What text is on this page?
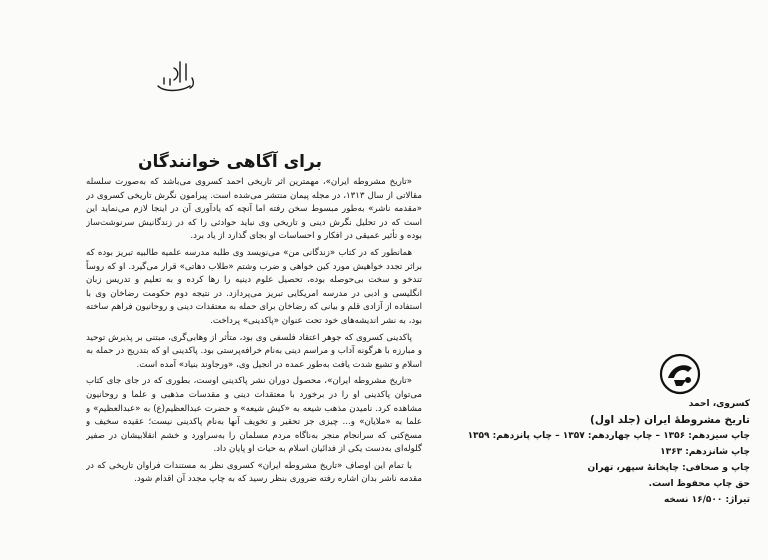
برای آگاهی خوانندگان

«تاریخ مشروطه ایران»، مهمترین اثر تاریخی احمد کسروی می‌باشد که به‌صورت سلسله مقالاتی از سال ۱۳۱۳، در مجله پیمان منتشر می‌شده است. پیرامون نگرش تاریخی کسروی در «مقدمه ناشر» به‌طور مبسوط سخن رفته اما آنچه که یادآوری آن در اینجا لازم می‌نماید این است که در تحلیل نگرش دینی و تاریخی وی نباید حوادثی را که در زندگانیش سرنوشت‌ساز بوده و تأثیر عمیقی در افکار و احساسات او بجای گذارد از یاد برد.

همانطور که در کتاب «زندگانی من» می‌نویسد وی طلبه مدرسه علمیه طالبیه تبریز بوده که براثر تجدد خواهیش مورد کین خواهی و ضرب وشتم «طلاب دهاتی» قرار می‌گیرد. او که روساً تندخو و سخت بی‌حوصله بوده، تحصیل علوم دینیه را رها کرده و به تعلیم و تدریس زبان انگلیسی و ادبی در مدرسه امریکایی تبریز می‌پردازد. در نتیجه دوم حکومت رضاخان وی با استفاده از آزادی قلم و بیانی که رضاخان برای حمله به معتقدات دینی و روحانیون فراهم ساخته بود، به نشر اندیشه‌های خود تحت عنوان «پاکدینی» پرداخت.

پاکدینی کسروی که جوهر اعتقاد فلسفی وی بود، متأثر از وهابی‌گری، مبتنی بر پذیرش توحید و مبارزه با هرگونه آداب و مراسم دینی به‌نام خرافه‌پرستی بود. پاکدینی او که بتدریج در حمله به اسلام و تشیع شدت یافت به‌طور عمده در انجیل وی، «ورجاوند بنیاد» آمده است.

«تاریخ مشروطه ایران»، محصول دوران نشر پاکدینی اوست، بطوری که در جای جای کتاب می‌توان پاکدینی او را در برخورد با معتقدات دینی و مقدسات مذهبی و علما و روحانیون مشاهده کرد. نامیدن مذهب شیعه به «کیش شیعه» و حضرت عبدالعظیم(ع) به «عبدالعظیم» و علما به «ملایان» و... چیزی جز تحقیر و تخویف آنها به‌نام پاکدینی نیست؛ عقیده سخیف و مسخ‌کنی که سرانجام منجر به‌ناگاه مردم مسلمان را به‌سراورد و خشم انقلابیشان در صفیر گلوله‌ای به‌دست یکی از فدائیان اسلام به حیات او پایان داد.

با تمام این اوصاف «تاریخ مشروطه ایران» کسروی نظر به مستندات فراوان تاریخی که در مقدمه ناشر بدان اشاره رفته ضروری بنظر رسید که به چاپ مجدد آن اقدام شود.

کسروی، احمد
تاریخ مشروطهٔ ایران (جلد اول)
چاپ سیزدهم: ۱۳۵۶ – چاپ چهاردهم: ۱۳۵۷ – چاپ پانزدهم: ۱۳۵۹
چاپ شانزدهم: ۱۳۶۳
چاپ و صحافی: چاپخانهٔ سپهر، تهران
حق چاپ محفوظ است.
تیراژ: ۱۶/۵۰۰ نسخه
